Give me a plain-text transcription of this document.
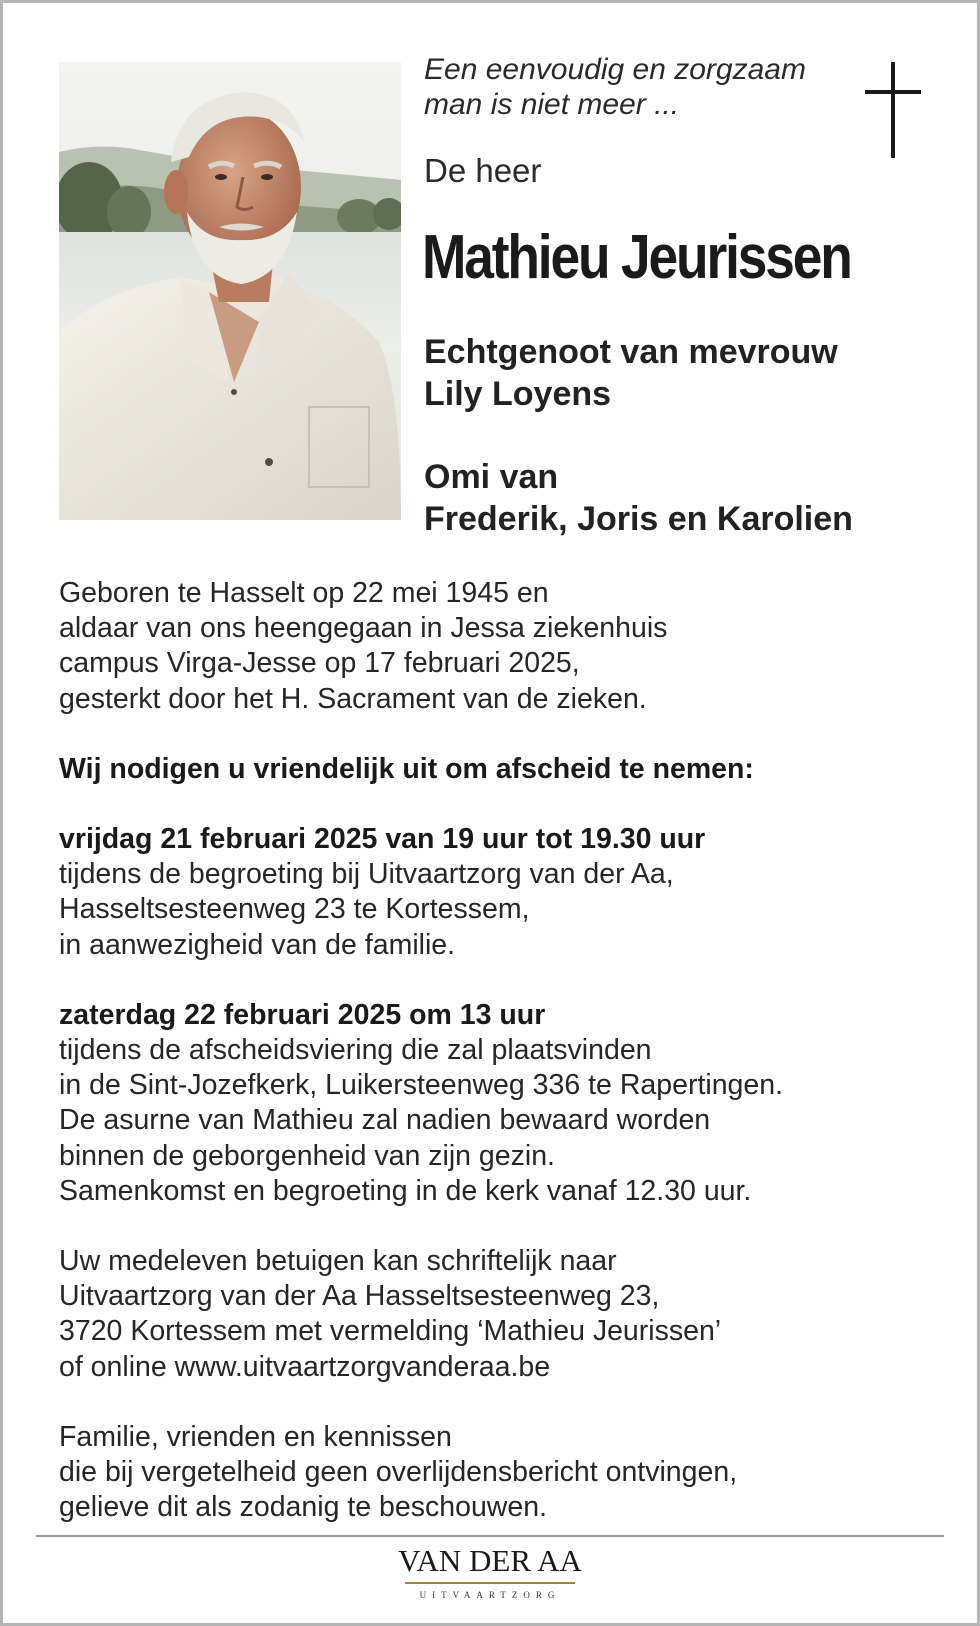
Een eenvoudig en zorgzaam
man is niet meer ...
De heer
Mathieu Jeurissen
Echtgenoot van mevrouw
Lily Loyens
Omi van
Frederik, Joris en Karolien

Geboren te Hasselt op 22 mei 1945 en
aldaar van ons heengegaan in Jessa ziekenhuis
campus Virga-Jesse op 17 februari 2025,
gesterkt door het H. Sacrament van de zieken.

Wij nodigen u vriendelijk uit om afscheid te nemen:

vrijdag 21 februari 2025 van 19 uur tot 19.30 uur
tijdens de begroeting bij Uitvaartzorg van der Aa,
Hasseltsesteenweg 23 te Kortessem,
in aanwezigheid van de familie.

zaterdag 22 februari 2025 om 13 uur
tijdens de afscheidsviering die zal plaatsvinden
in de Sint-Jozefkerk, Luikersteenweg 336 te Rapertingen.
De asurne van Mathieu zal nadien bewaard worden
binnen de geborgenheid van zijn gezin.
Samenkomst en begroeting in de kerk vanaf 12.30 uur.

Uw medeleven betuigen kan schriftelijk naar
Uitvaartzorg van der Aa Hasseltsesteenweg 23,
3720 Kortessem met vermelding ‘Mathieu Jeurissen’
of online www.uitvaartzorgvanderaa.be

Familie, vrienden en kennissen
die bij vergetelheid geen overlijdensbericht ontvingen,
gelieve dit als zodanig te beschouwen.

VAN DER AA
UITVAARTZORG
